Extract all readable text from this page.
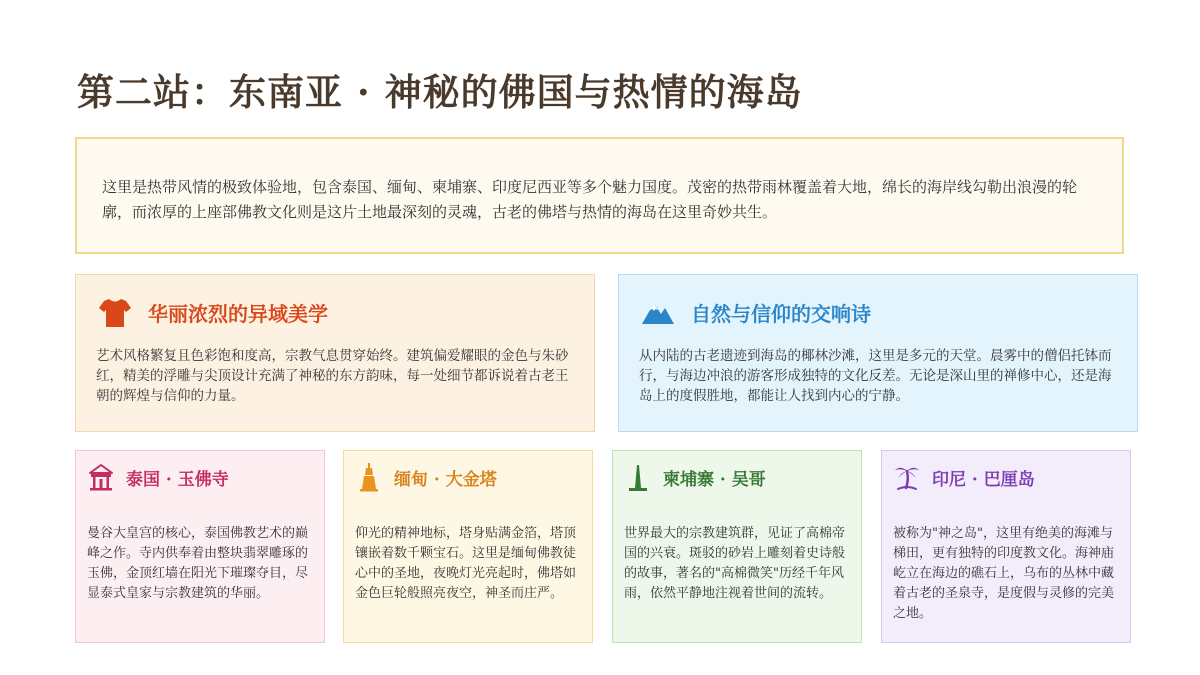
第二站：东南亚 · 神秘的佛国与热情的海岛
这里是热带风情的极致体验地，包含泰国、缅甸、柬埔寨、印度尼西亚等多个魅力国度。茂密的热带雨林覆盖着大地，绵长的海岸线勾勒出浪漫的轮廓，而浓厚的上座部佛教文化则是这片土地最深刻的灵魂，古老的佛塔与热情的海岛在这里奇妙共生。
华丽浓烈的异域美学
艺术风格繁复且色彩饱和度高，宗教气息贯穿始终。建筑偏爱耀眼的金色与朱砂红，精美的浮雕与尖顶设计充满了神秘的东方韵味，每一处细节都诉说着古老王朝的辉煌与信仰的力量。
自然与信仰的交响诗
从内陆的古老遗迹到海岛的椰林沙滩，这里是多元的天堂。晨雾中的僧侣托钵而行，与海边冲浪的游客形成独特的文化反差。无论是深山里的禅修中心，还是海岛上的度假胜地，都能让人找到内心的宁静。
泰国 · 玉佛寺
曼谷大皇宫的核心，泰国佛教艺术的巅峰之作。寺内供奉着由整块翡翠雕琢的玉佛，金顶红墙在阳光下璀璨夺目，尽显泰式皇家与宗教建筑的华丽。
缅甸 · 大金塔
仰光的精神地标，塔身贴满金箔，塔顶镶嵌着数千颗宝石。这里是缅甸佛教徒心中的圣地，夜晚灯光亮起时，佛塔如金色巨轮般照亮夜空，神圣而庄严。
柬埔寨 · 吴哥
世界最大的宗教建筑群，见证了高棉帝国的兴衰。斑驳的砂岩上雕刻着史诗般的故事，著名的"高棉微笑"历经千年风雨，依然平静地注视着世间的流转。
印尼 · 巴厘岛
被称为"神之岛"，这里有绝美的海滩与梯田，更有独特的印度教文化。海神庙屹立在海边的礁石上，乌布的丛林中藏着古老的圣泉寺，是度假与灵修的完美之地。
